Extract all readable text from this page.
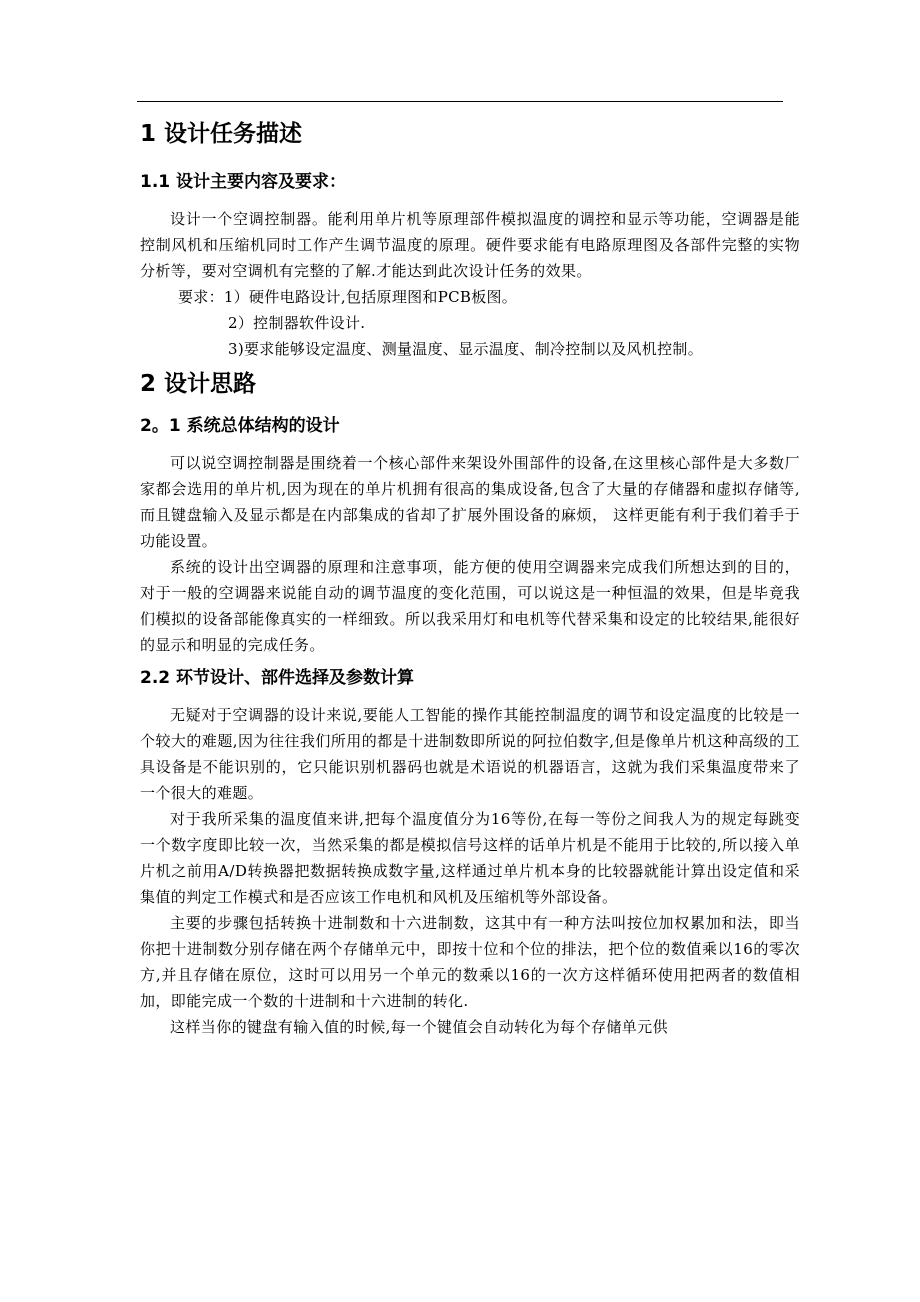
1 设计任务描述
1.1 设计主要内容及要求：

设计一个空调控制器。能利用单片机等原理部件模拟温度的调控和显示等功能，空调器是能控制风机和压缩机同时工作产生调节温度的原理。硬件要求能有电路原理图及各部件完整的实物分析等，要对空调机有完整的了解.才能达到此次设计任务的效果。

要求：1）硬件电路设计,包括原理图和PCB板图。
2）控制器软件设计.
3)要求能够设定温度、测量温度、显示温度、制冷控制以及风机控制。
2 设计思路
2。1 系统总体结构的设计

可以说空调控制器是围绕着一个核心部件来架设外围部件的设备,在这里核心部件是大多数厂家都会选用的单片机,因为现在的单片机拥有很高的集成设备,包含了大量的存储器和虚拟存储等,而且键盘输入及显示都是在内部集成的省却了扩展外围设备的麻烦， 这样更能有利于我们着手于功能设置。

系统的设计出空调器的原理和注意事项，能方便的使用空调器来完成我们所想达到的目的，对于一般的空调器来说能自动的调节温度的变化范围，可以说这是一种恒温的效果，但是毕竟我们模拟的设备部能像真实的一样细致。所以我采用灯和电机等代替采集和设定的比较结果,能很好的显示和明显的完成任务。

2.2 环节设计、部件选择及参数计算

无疑对于空调器的设计来说,要能人工智能的操作其能控制温度的调节和设定温度的比较是一个较大的难题,因为往往我们所用的都是十进制数即所说的阿拉伯数字,但是像单片机这种高级的工具设备是不能识别的，它只能识别机器码也就是术语说的机器语言，这就为我们采集温度带来了一个很大的难题。

对于我所采集的温度值来讲,把每个温度值分为16等份,在每一等份之间我人为的规定每跳变一个数字度即比较一次，当然采集的都是模拟信号这样的话单片机是不能用于比较的,所以接入单片机之前用A/D转换器把数据转换成数字量,这样通过单片机本身的比较器就能计算出设定值和采集值的判定工作模式和是否应该工作电机和风机及压缩机等外部设备。

主要的步骤包括转换十进制数和十六进制数，这其中有一种方法叫按位加权累加和法，即当你把十进制数分别存储在两个存储单元中，即按十位和个位的排法，把个位的数值乘以16的零次方,并且存储在原位，这时可以用另一个单元的数乘以16的一次方这样循环使用把两者的数值相加，即能完成一个数的十进制和十六进制的转化.

这样当你的键盘有输入值的时候,每一个键值会自动转化为每个存储单元供
